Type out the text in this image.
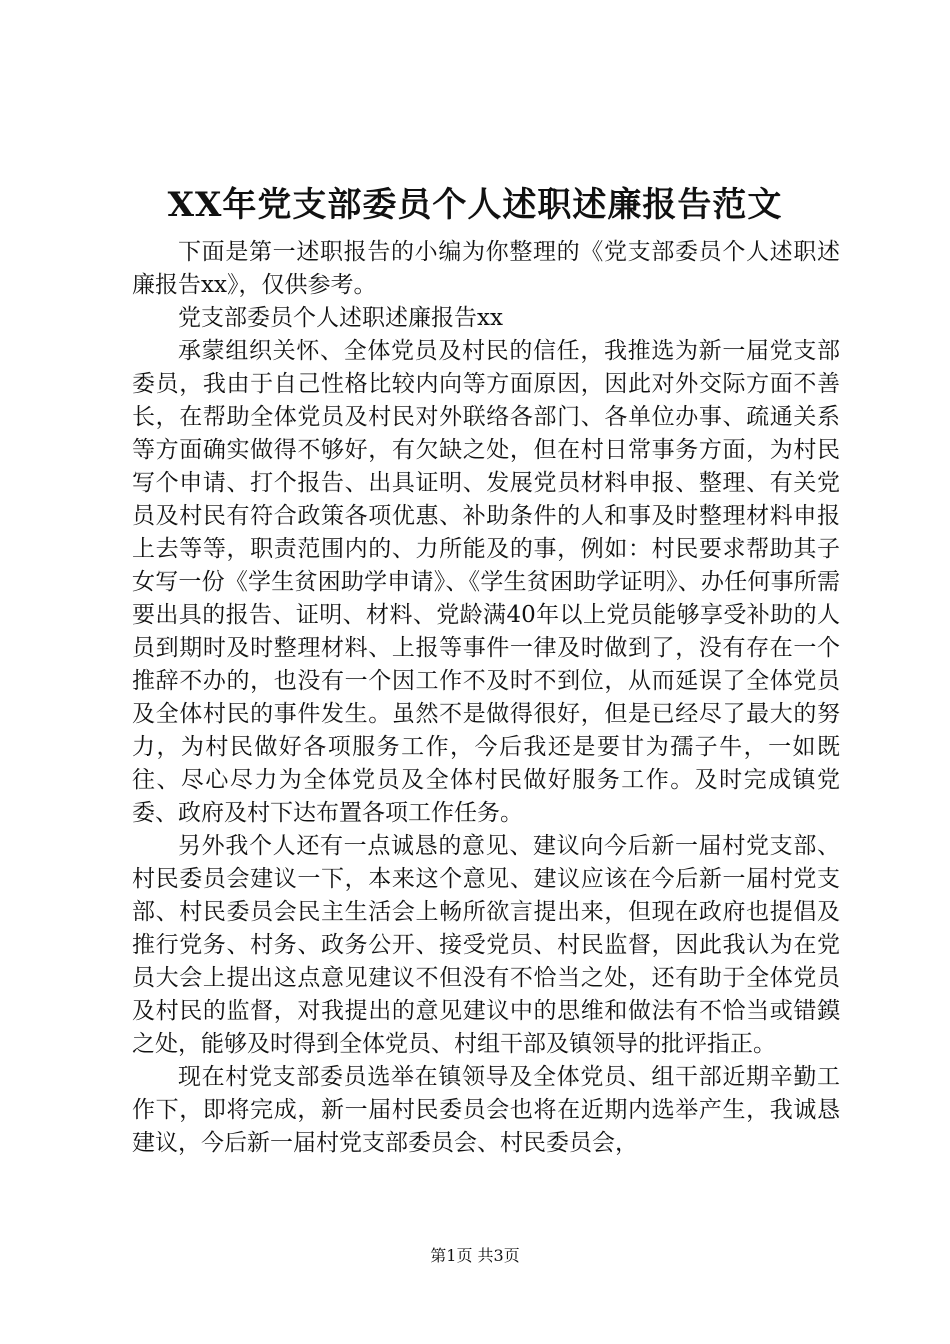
XX年党支部委员个人述职述廉报告范文

下面是第一述职报告的小编为你整理的《党支部委员个人述职述廉报告xx》，仅供参考。

党支部委员个人述职述廉报告xx

承蒙组织关怀、全体党员及村民的信任，我推选为新一届党支部委员，我由于自己性格比较内向等方面原因，因此对外交际方面不善长，在帮助全体党员及村民对外联络各部门、各单位办事、疏通关系等方面确实做得不够好，有欠缺之处，但在村日常事务方面，为村民写个申请、打个报告、出具证明、发展党员材料申报、整理、有关党员及村民有符合政策各项优惠、补助条件的人和事及时整理材料申报上去等等，职责范围内的、力所能及的事，例如：村民要求帮助其子女写一份《学生贫困助学申请》、《学生贫困助学证明》、办任何事所需要出具的报告、证明、材料、党龄满40年以上党员能够享受补助的人员到期时及时整理材料、上报等事件一律及时做到了，没有存在一个推辞不办的，也没有一个因工作不及时不到位，从而延误了全体党员及全体村民的事件发生。虽然不是做得很好，但是已经尽了最大的努力，为村民做好各项服务工作，今后我还是要甘为孺子牛，一如既往、尽心尽力为全体党员及全体村民做好服务工作。及时完成镇党委、政府及村下达布置各项工作任务。

另外我个人还有一点诚恳的意见、建议向今后新一届村党支部、村民委员会建议一下，本来这个意见、建议应该在今后新一届村党支部、村民委员会民主生活会上畅所欲言提出来，但现在政府也提倡及推行党务、村务、政务公开、接受党员、村民监督，因此我认为在党员大会上提出这点意见建议不但没有不恰当之处，还有助于全体党员及村民的监督，对我提出的意见建议中的思维和做法有不恰当或错鏌之处，能够及时得到全体党员、村组干部及镇领导的批评指正。

现在村党支部委员选举在镇领导及全体党员、组干部近期辛勤工作下，即将完成，新一届村民委员会也将在近期内选举产生，我诚恳建议，今后新一届村党支部委员会、村民委员会，

第1页 共3页
